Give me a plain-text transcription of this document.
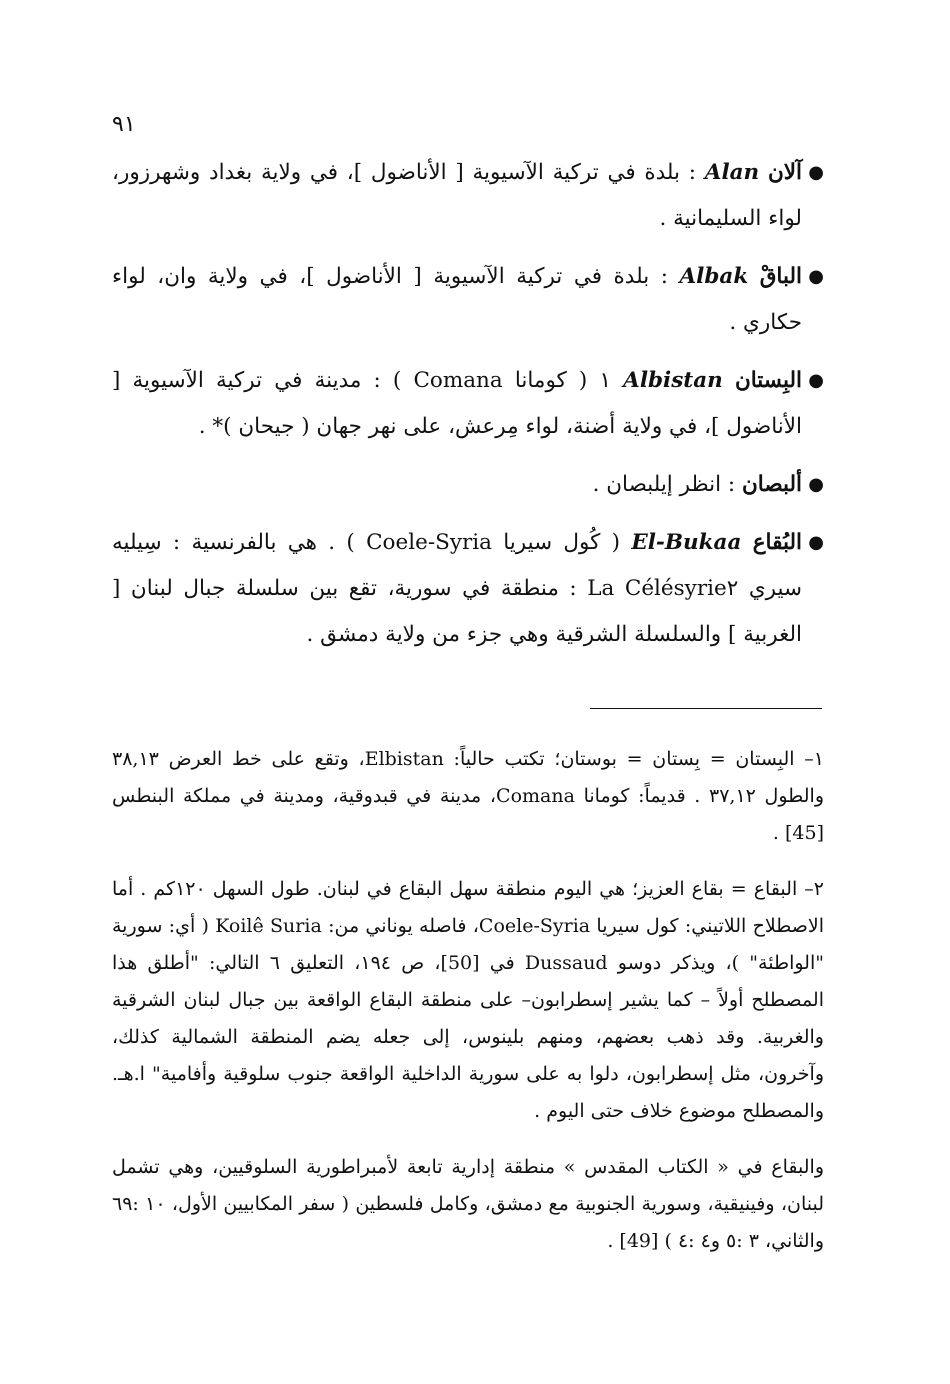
٩١
●
آلان Alan : بلدة في تركية الآسيوية [ الأناضول ]، في ولاية بغداد وشهرزور، لواء السليمانية .
●
الباقْ Albak : بلدة في تركية الآسيوية [ الأناضول ]، في ولاية وان، لواء حكاري .
●
البِستان Albistan ١ ( كومانا Comana ) : مدينة في تركية الآسيوية [ الأناضول ]، في ولاية أضنة، لواء مِرعش، على نهر جهان ( جيحان )* .
●
ألبصان : انظر إيلبصان .
●
البُقاع El-Bukaa ( كُول سيريا Coele-Syria ) . هي بالفرنسية : سِيليه سيري La Célésyrie٢ : منطقة في سورية، تقع بين سلسلة جبال لبنان [ الغربية ] والسلسلة الشرقية وهي جزء من ولاية دمشق .

١– البِستان = بِستان = بوستان؛ تكتب حالياً: Elbistan، وتقع على خط العرض ٣٨,١٣ والطول ٣٧,١٢ . قديماً: كومانا Comana، مدينة في قبدوقية، ومدينة في مملكة البنطس [45] .

٢– البقاع = بقاع العزيز؛ هي اليوم منطقة سهل البقاع في لبنان. طول السهل ١٢٠كم . أما الاصطلاح اللاتيني: كول سيريا Coele-Syria، فاصله يوناني من: Koilê Suria ( أي: سورية "الواطئة" )، ويذكر دوسو Dussaud في [50]، ص ١٩٤، التعليق ٦ التالي: "أطلق هذا المصطلح أولاً – كما يشير إسطرابون– على منطقة البقاع الواقعة بين جبال لبنان الشرقية والغربية. وقد ذهب بعضهم، ومنهم بلينوس، إلى جعله يضم المنطقة الشمالية كذلك، وآخرون، مثل إسطرابون، دلوا به على سورية الداخلية الواقعة جنوب سلوقية وأفامية" ا.هـ. والمصطلح موضوع خلاف حتى اليوم .

والبقاع في « الكتاب المقدس » منطقة إدارية تابعة لأمبراطورية السلوقيين، وهي تشمل لبنان، وفينيقية، وسورية الجنوبية مع دمشق، وكامل فلسطين ( سفر المكابيين الأول، ١٠ :٦٩ والثاني، ٣ :٥ و٤ :٤ ) [49] .
